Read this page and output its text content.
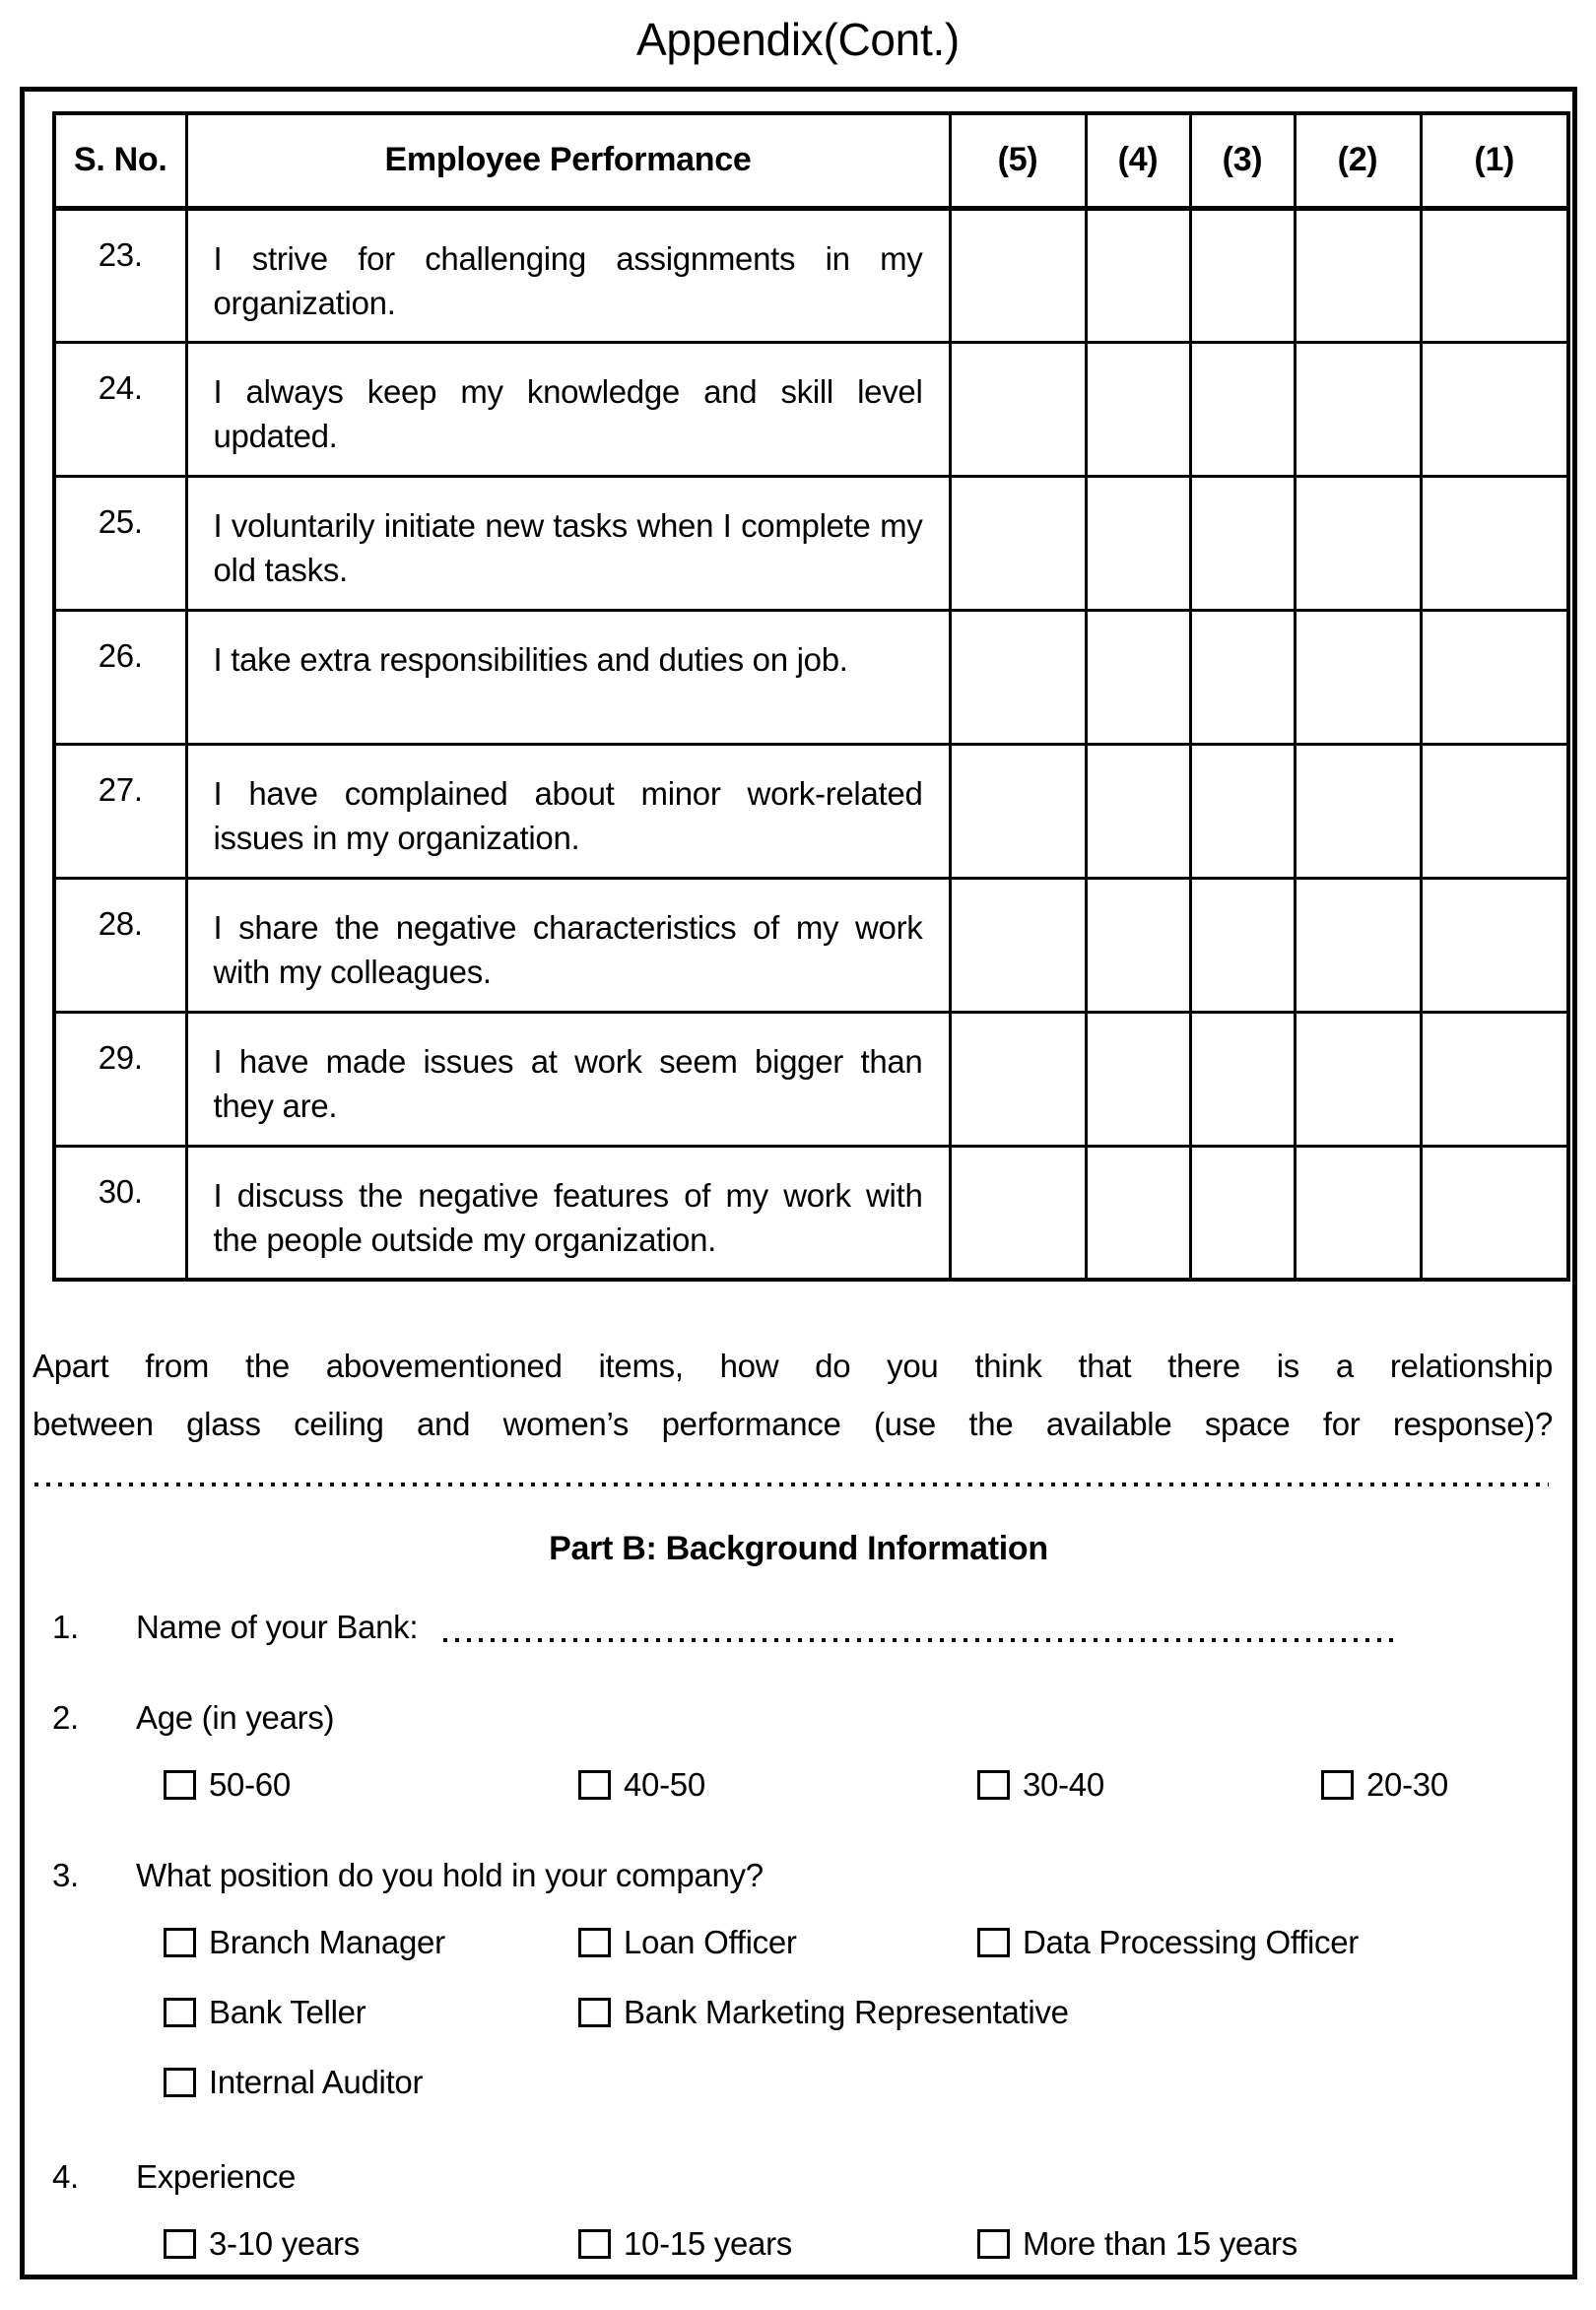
Appendix(Cont.)
S. No.	Employee Performance	(5)	(4)	(3)	(2)	(1)
23.	I strive for challenging assignments in my organization.					
24.	I always keep my knowledge and skill level updated.					
25.	I voluntarily initiate new tasks when I complete my old tasks.					
26.	I take extra responsibilities and duties on job.					
27.	I have complained about minor work-related issues in my organization.					
28.	I share the negative characteristics of my work with my colleagues.					
29.	I have made issues at work seem bigger than they are.					
30.	I discuss the negative features of my work with the people outside my organization.					
Apart from the abovementioned items, how do you think that there is a relationship
between glass ceiling and women’s performance (use the available space for response)?
Part B: Background Information
1.	Name of your Bank:
2.	Age (in years)
50-60	40-50	30-40	20-30
3.	What position do you hold in your company?
Branch Manager	Loan Officer	Data Processing Officer
Bank Teller	Bank Marketing Representative
Internal Auditor
4.	Experience
3-10 years	10-15 years	More than 15 years
